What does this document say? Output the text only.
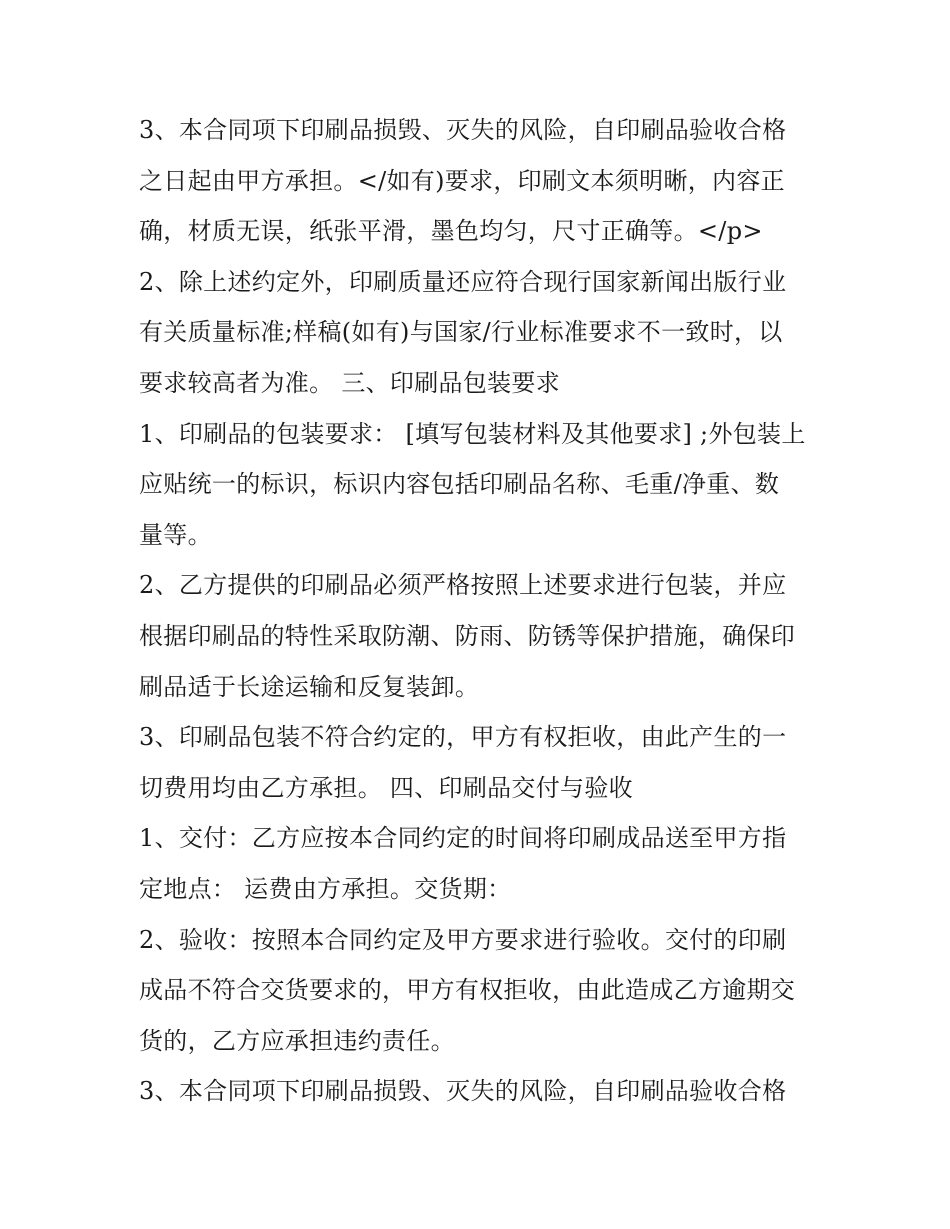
3、本合同项下印刷品损毁、灭失的风险，自印刷品验收合格
之日起由甲方承担。</如有)要求，印刷文本须明晰，内容正
确，材质无误，纸张平滑，墨色均匀，尺寸正确等。</p>
2、除上述约定外，印刷质量还应符合现行国家新闻出版行业
有关质量标准;样稿(如有)与国家/行业标准要求不一致时，以
要求较高者为准。 三、印刷品包装要求
1、印刷品的包装要求： [填写包装材料及其他要求] ;外包装上
应贴统一的标识，标识内容包括印刷品名称、毛重/净重、数
量等。
2、乙方提供的印刷品必须严格按照上述要求进行包装，并应
根据印刷品的特性采取防潮、防雨、防锈等保护措施，确保印
刷品适于长途运输和反复装卸。
3、印刷品包装不符合约定的，甲方有权拒收，由此产生的一
切费用均由乙方承担。 四、印刷品交付与验收
1、交付：乙方应按本合同约定的时间将印刷成品送至甲方指
定地点： 运费由方承担。交货期：
2、验收：按照本合同约定及甲方要求进行验收。交付的印刷
成品不符合交货要求的，甲方有权拒收，由此造成乙方逾期交
货的，乙方应承担违约责任。
3、本合同项下印刷品损毁、灭失的风险，自印刷品验收合格
